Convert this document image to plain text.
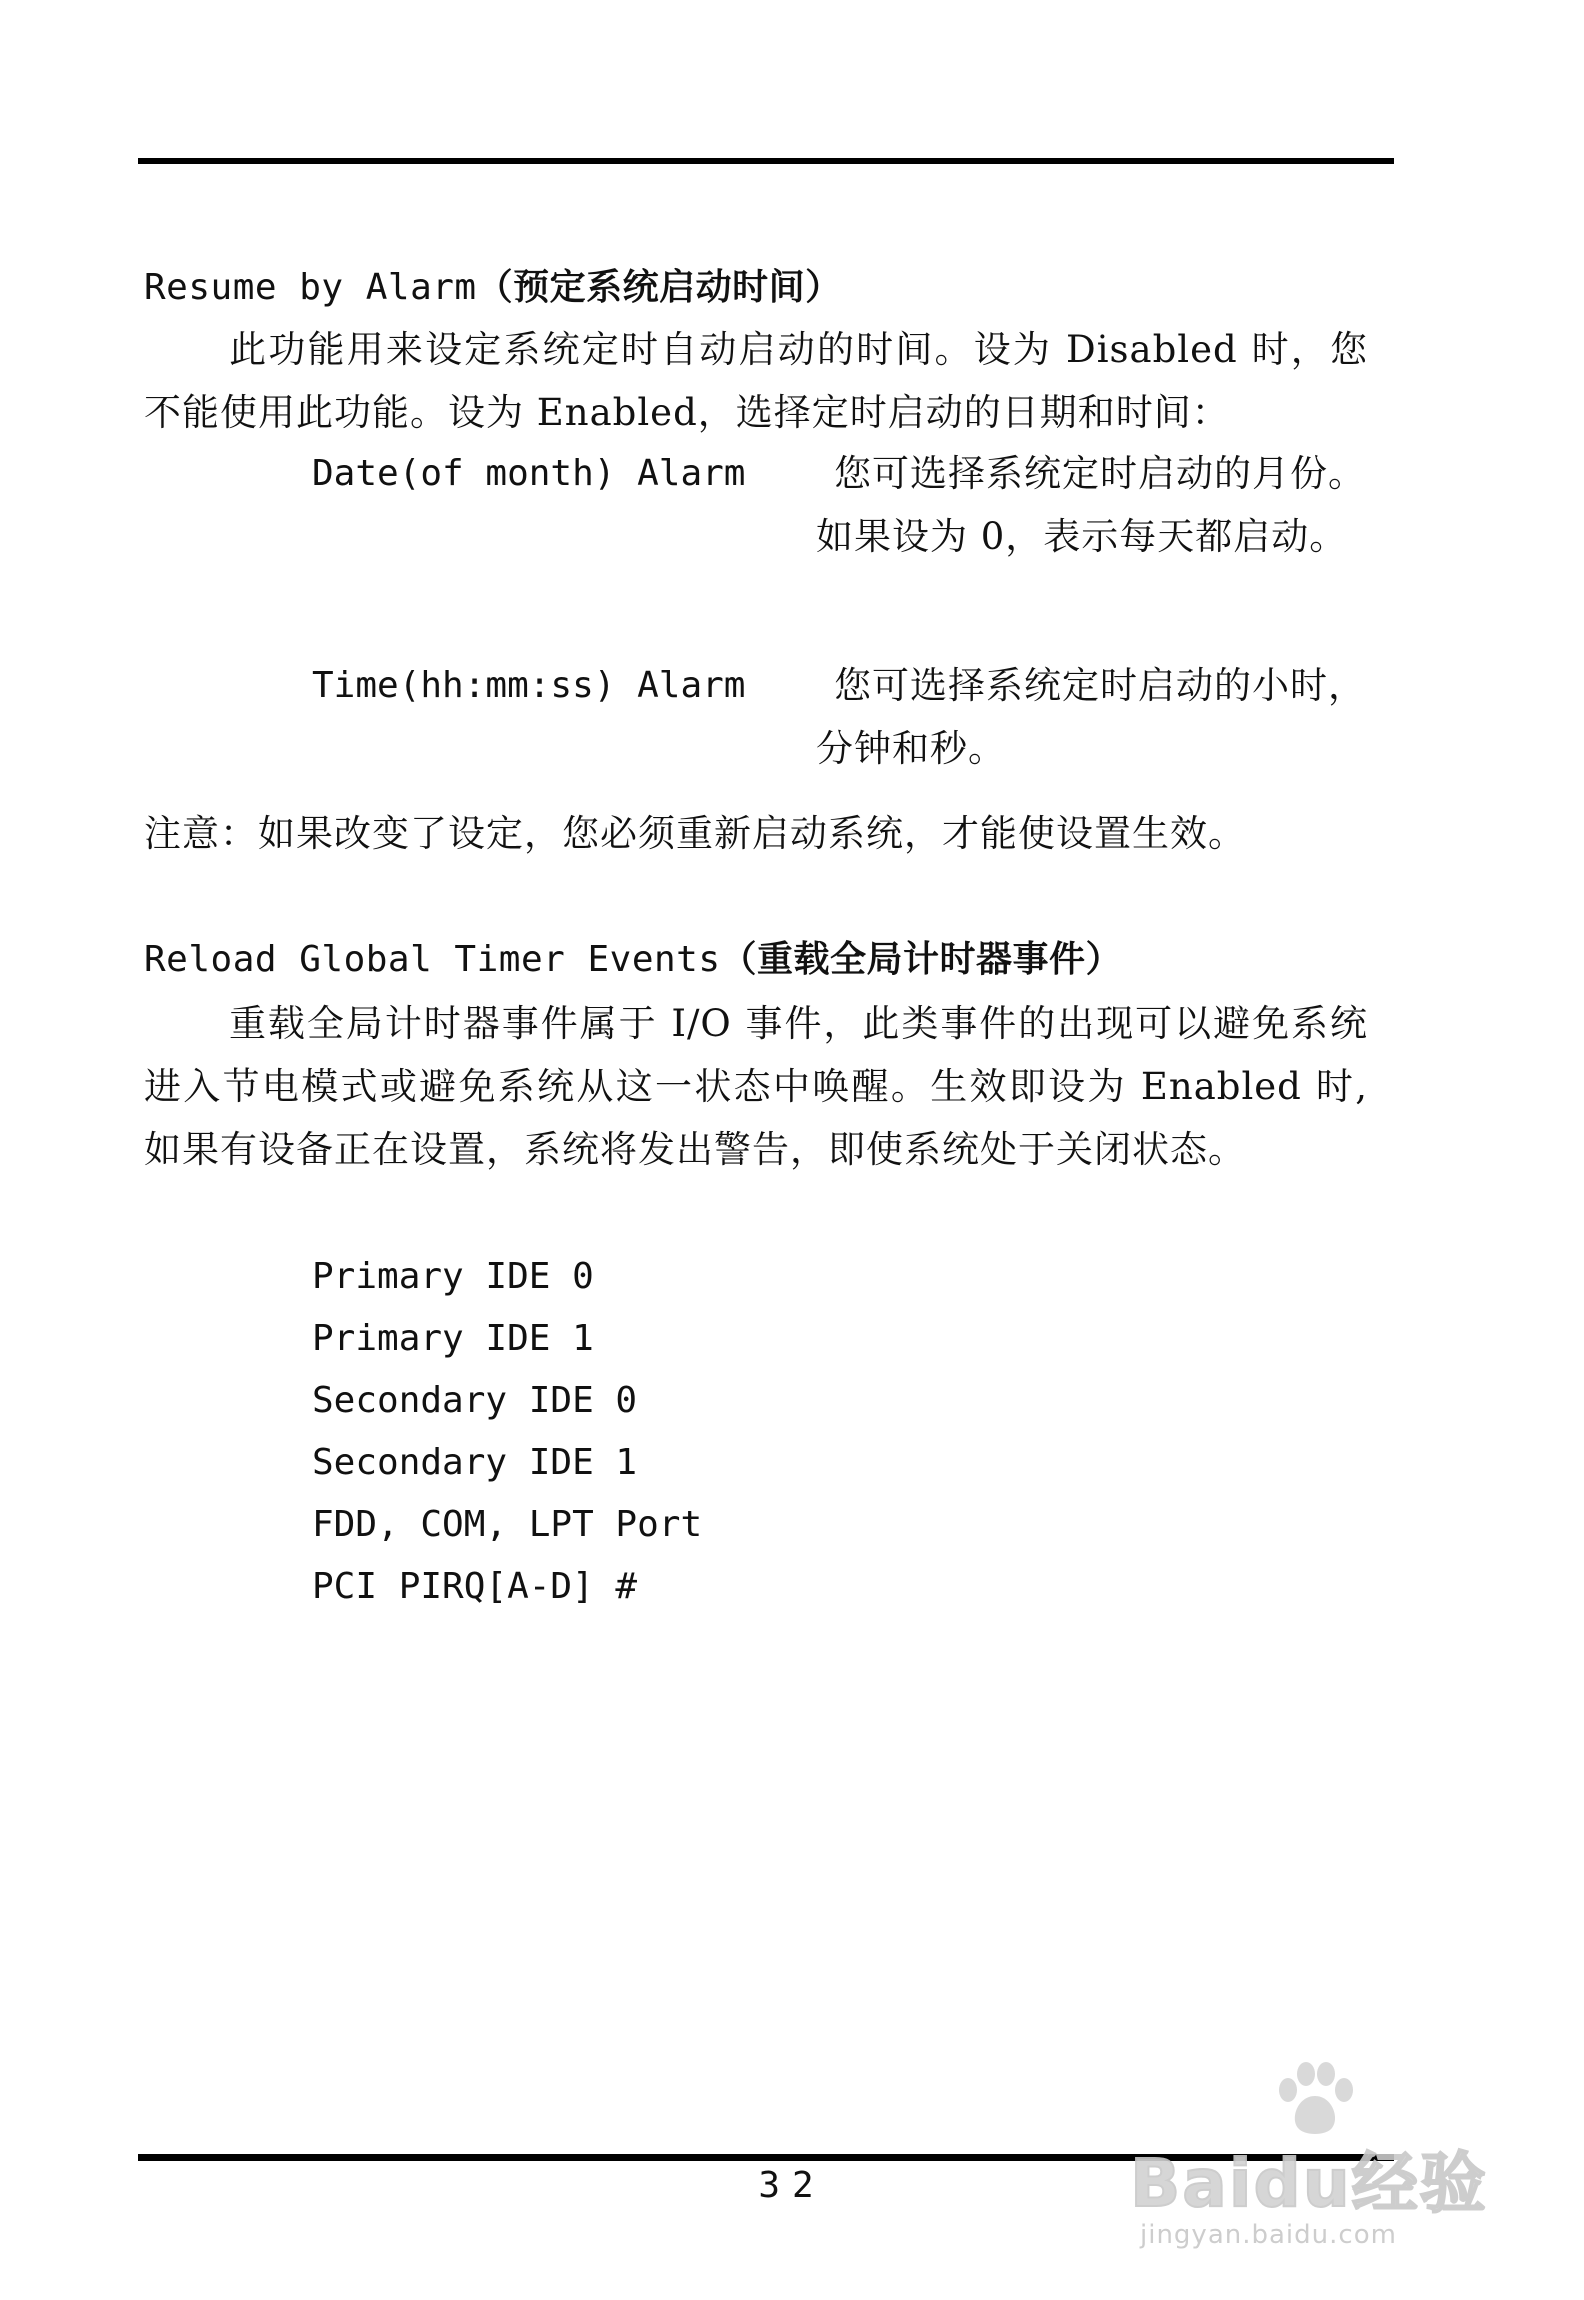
Resume by Alarm（预定系统启动时间）
此功能用来设定系统定时自动启动的时间。设为 Disabled 时，您不能使用此功能。设为 Enabled，选择定时启动的日期和时间：
Date(of month) Alarm	您可选择系统定时启动的月份。如果设为 0，表示每天都启动。
Time(hh:mm:ss) Alarm	您可选择系统定时启动的小时，分钟和秒。
注意：如果改变了设定，您必须重新启动系统，才能使设置生效。
Reload Global Timer Events（重载全局计时器事件）
重载全局计时器事件属于 I/O 事件，此类事件的出现可以避免系统进入节电模式或避免系统从这一状态中唤醒。生效即设为 Enabled 时,如果有设备正在设置，系统将发出警告，即使系统处于关闭状态。
Primary IDE 0
Primary IDE 1
Secondary IDE 0
Secondary IDE 1
FDD, COM, LPT Port
PCI PIRQ[A-D] #
32	Baidu经验
jingyan.baidu.com
